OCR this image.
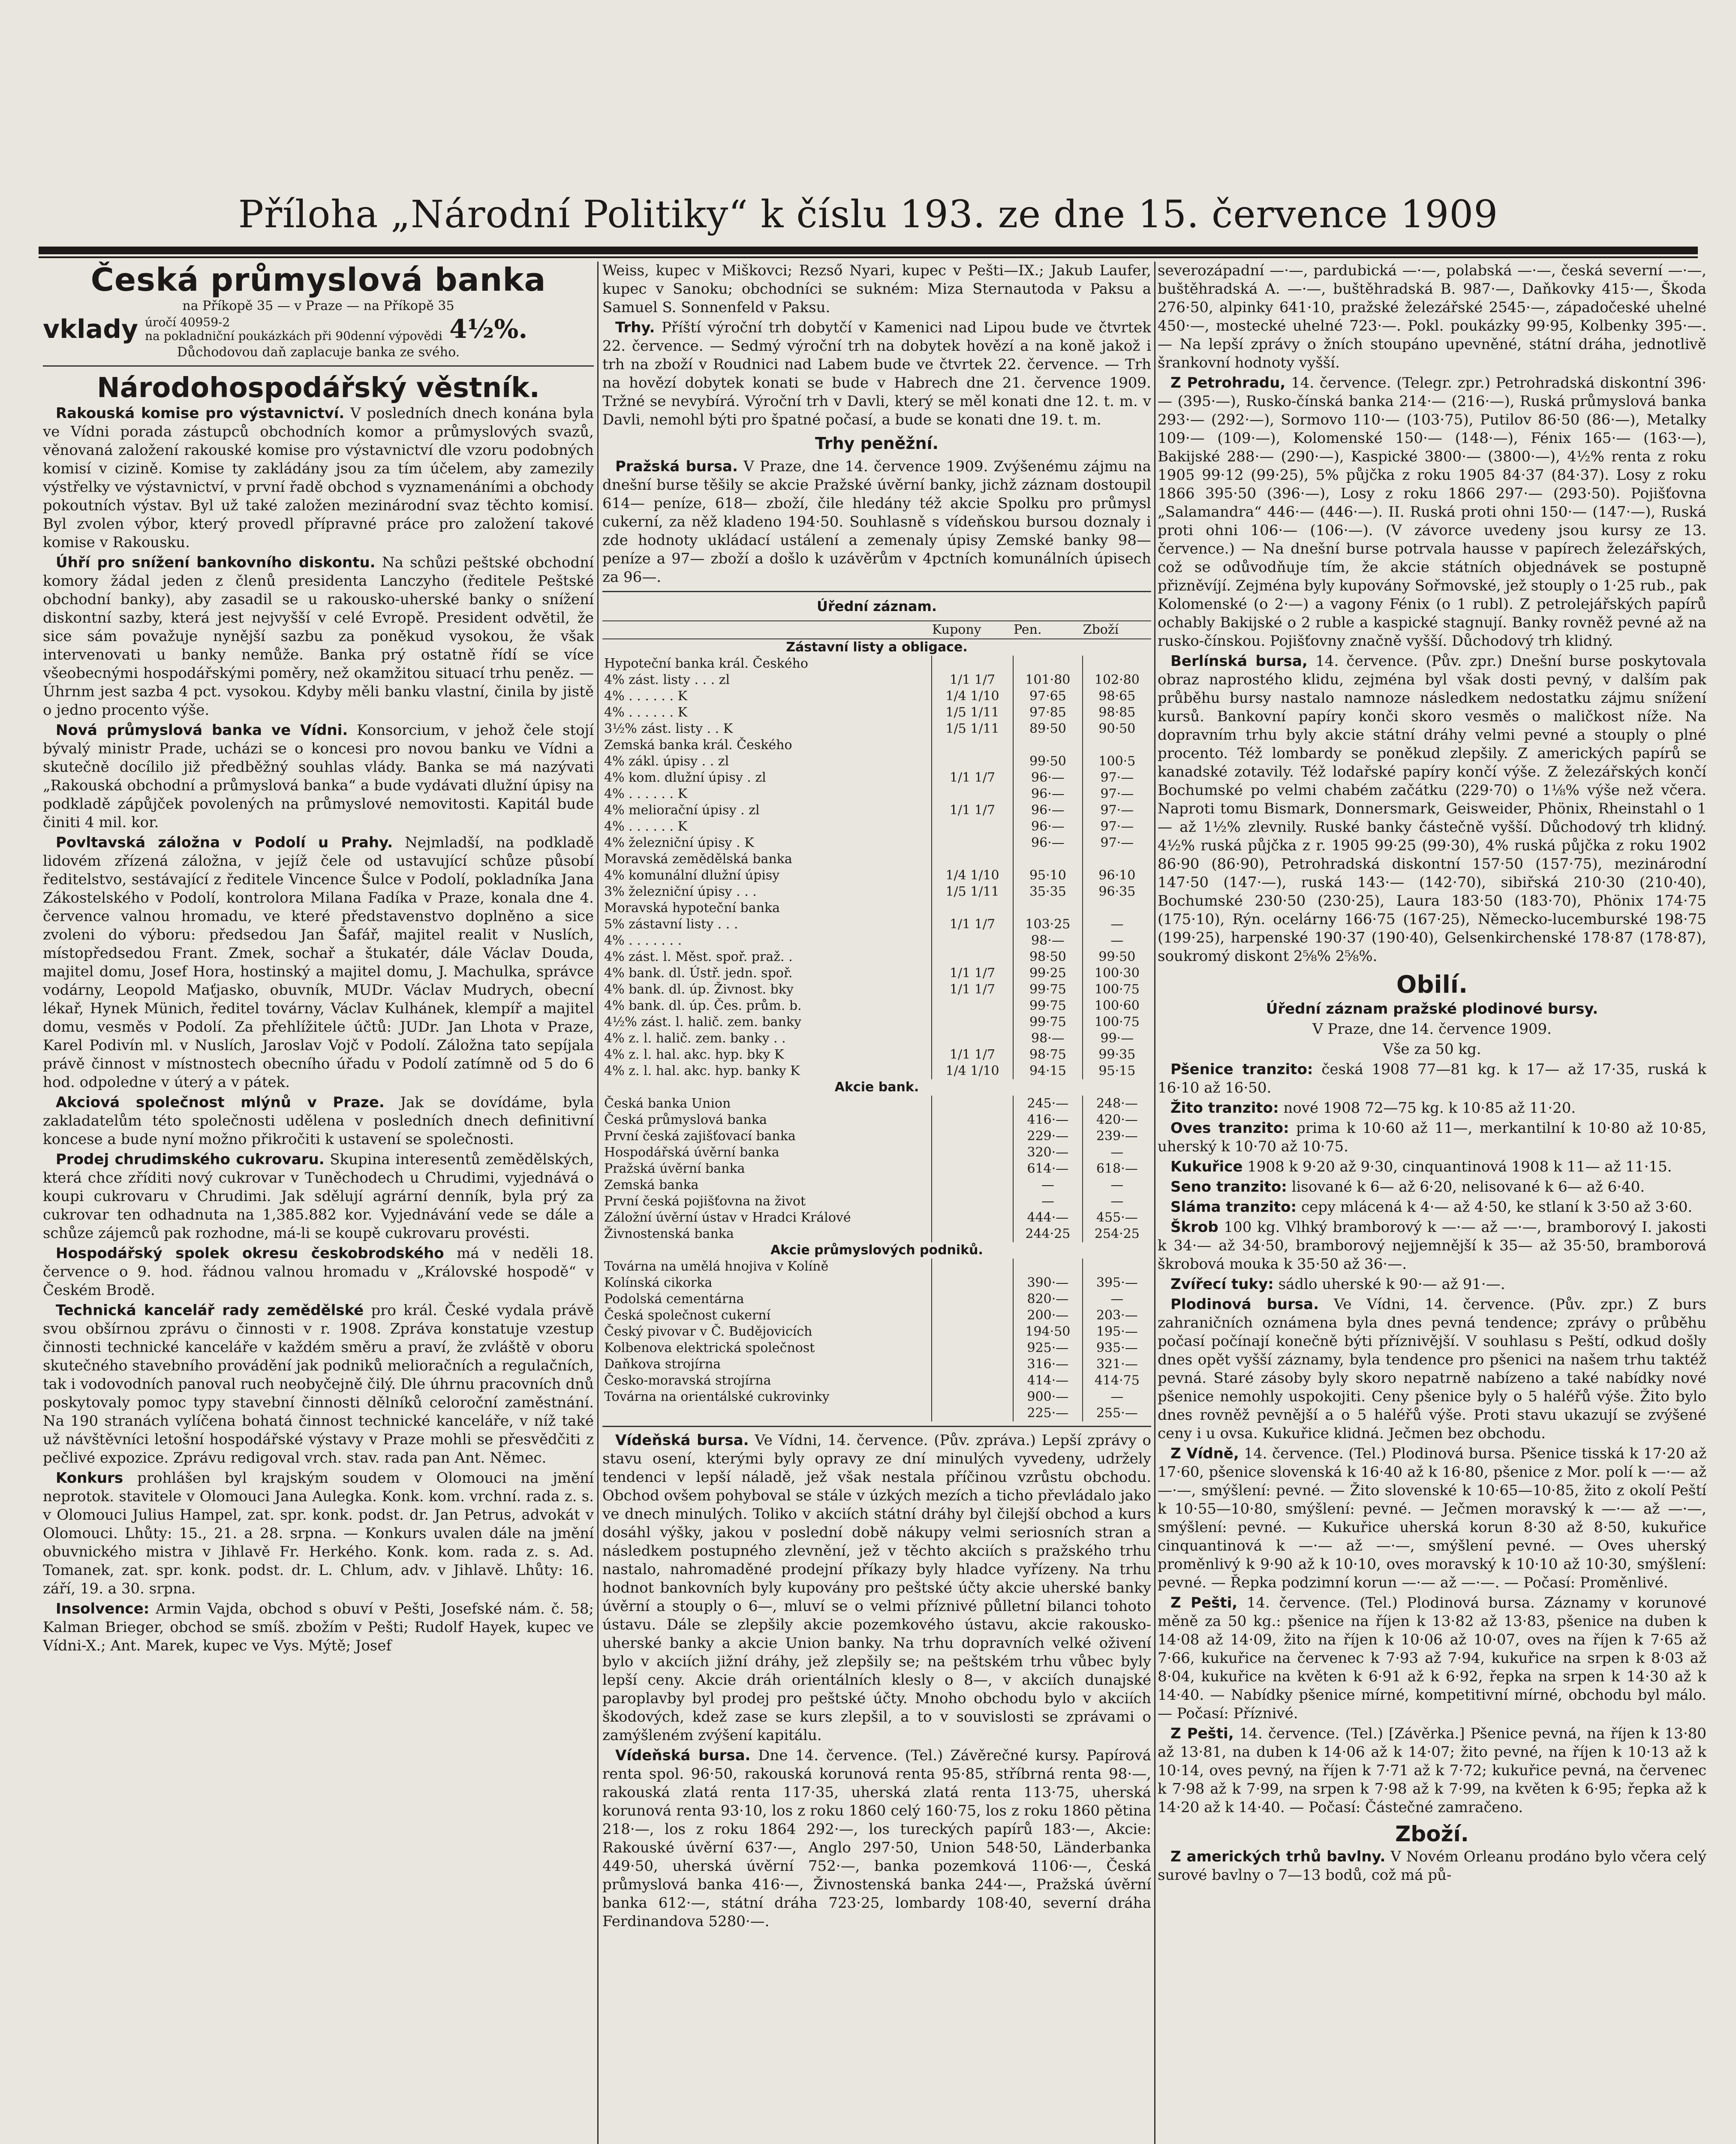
Příloha „Národní Politiky“ k číslu 193. ze dne 15. července 1909
Česká průmyslová banka

na Příkopě 35 — v Praze — na Příkopě 35

vklady úročí 40959-2
na pokladniční poukázkách při 90denní výpovědi 4½%.

Důchodovou daň zaplacuje banka ze svého.

Národohospodářský věstník.

Rakouská komise pro výstavnictví. V posledních dnech konána byla ve Vídni porada zástupců obchodních komor a průmyslových svazů, věnovaná založení rakouské komise pro výstavnictví dle vzoru podobných komisí v cizině. Komise ty zakládány jsou za tím účelem, aby zamezily výstřelky ve výstavnictví, v první řadě obchod s vyznamenáními a obchody pokoutních výstav. Byl už také založen mezinárodní svaz těchto komisí. Byl zvolen výbor, který provedl přípravné práce pro založení takové komise v Rakousku.

Úhří pro snížení bankovního diskontu. Na schůzi peštské obchodní komory žádal jeden z členů presidenta Lanczyho (ředitele Peštské obchodní banky), aby zasadil se u rakousko-uherské banky o snížení diskontní sazby, která jest nejvyšší v celé Evropě. President odvětil, že sice sám považuje nynější sazbu za poněkud vysokou, že však intervenovati u banky nemůže. Banka prý ostatně řídí se více všeobecnými hospodářskými poměry, než okamžitou situací trhu peněz. — Úhrnm jest sazba 4 pct. vysokou. Kdyby měli banku vlastní, činila by jistě o jedno procento výše.

Nová průmyslová banka ve Vídni. Konsorcium, v jehož čele stojí bývalý ministr Prade, ucházi se o koncesi pro novou banku ve Vídni a skutečně docílilo již předběžný souhlas vlády. Banka se má nazývati „Rakouská obchodní a průmyslová banka“ a bude vydávati dlužní úpisy na podkladě zápůjček povolených na průmyslové nemovitosti. Kapitál bude činiti 4 mil. kor.

Povltavská záložna v Podolí u Prahy. Nejmladší, na podkladě lidovém zřízená záložna, v jejíž čele od ustavující schůze působí ředitelstvo, sestávající z ředitele Vincence Šulce v Podolí, pokladníka Jana Zákostelského v Podolí, kontrolora Milana Fadíka v Praze, konala dne 4. července valnou hromadu, ve které představenstvo doplněno a sice zvoleni do výboru: předsedou Jan Šafář, majitel realit v Nuslích, místopředsedou Frant. Zmek, sochař a štukatér, dále Václav Douda, majitel domu, Josef Hora, hostinský a majitel domu, J. Machulka, správce vodárny, Leopold Maťjasko, obuvník, MUDr. Václav Mudrych, obecní lékař, Hynek Münich, ředitel továrny, Václav Kulhánek, klempíř a majitel domu, vesměs v Podolí. Za přehlížitele účtů: JUDr. Jan Lhota v Praze, Karel Podivín ml. v Nuslích, Jaroslav Vojč v Podolí. Záložna tato sepíjala právě činnost v místnostech obecního úřadu v Podolí zatímně od 5 do 6 hod. odpoledne v úterý a v pátek.

Akciová společnost mlýnů v Praze. Jak se dovídáme, byla zakladatelům této společnosti udělena v posledních dnech definitivní koncese a bude nyní možno přikročiti k ustavení se společnosti.

Prodej chrudimského cukrovaru. Skupina interesentů zemědělských, která chce zříditi nový cukrovar v Tuněchodech u Chrudimi, vyjednává o koupi cukrovaru v Chrudimi. Jak sdělují agrární denník, byla prý za cukrovar ten odhadnuta na 1,385.882 kor. Vyjednávání vede se dále a schůze zájemců pak rozhodne, má-li se koupě cukrovaru provésti.

Hospodářský spolek okresu českobrodského má v neděli 18. července o 9. hod. řádnou valnou hromadu v „Královské hospodě“ v Českém Brodě.

Technická kancelář rady zemědělské pro král. České vydala právě svou obšírnou zprávu o činnosti v r. 1908. Zpráva konstatuje vzestup činnosti technické kanceláře v každém směru a praví, že zvláště v oboru skutečného stavebního provádění jak podniků melioračních a regulačních, tak i vodovodních panoval ruch neobyčejně čilý. Dle úhrnu pracovních dnů poskytovaly pomoc typy stavební činnosti dělníků celoroční zaměstnání. Na 190 stranách vylíčena bohatá činnost technické kanceláře, v níž také už návštěvníci letošní hospodářské výstavy v Praze mohli se přesvědčiti z pečlivé expozice. Zprávu redigoval vrch. stav. rada pan Ant. Němec.

Konkurs prohlášen byl krajským soudem v Olomouci na jmění neprotok. stavitele v Olomouci Jana Aulegka. Konk. kom. vrchní. rada z. s. v Olomouci Julius Hampel, zat. spr. konk. podst. dr. Jan Petrus, advokát v Olomouci. Lhůty: 15., 21. a 28. srpna. — Konkurs uvalen dále na jmění obuvnického mistra v Jihlavě Fr. Herkého. Konk. kom. rada z. s. Ad. Tomanek, zat. spr. konk. podst. dr. L. Chlum, adv. v Jihlavě. Lhůty: 16. září, 19. a 30. srpna.

Insolvence: Armin Vajda, obchod s obuví v Pešti, Josefské nám. č. 58; Kalman Brieger, obchod se smíš. zbožím v Pešti; Rudolf Hayek, kupec ve Vídni-X.; Ant. Marek, kupec ve Vys. Mýtě; Josef

Weiss, kupec v Miškovci; Rezső Nyari, kupec v Pešti—IX.; Jakub Laufer, kupec v Sanoku; obchodníci se sukném: Miza Sternautoda v Paksu a Samuel S. Sonnenfeld v Paksu.

Trhy. Příští výroční trh dobytčí v Kamenici nad Lipou bude ve čtvrtek 22. července. — Sedmý výroční trh na dobytek hovězí a na koně jakož i trh na zboží v Roudnici nad Labem bude ve čtvrtek 22. července. — Trh na hovězí dobytek konati se bude v Habrech dne 21. července 1909. Tržné se nevybírá. Výroční trh v Davli, který se měl konati dne 12. t. m. v Davli, nemohl býti pro špatné počasí, a bude se konati dne 19. t. m.

Trhy peněžní.

Pražská bursa. V Praze, dne 14. července 1909. Zvýšenému zájmu na dnešní burse těšily se akcie Pražské úvěrní banky, jichž záznam dostoupil 614— peníze, 618— zboží, čile hledány též akcie Spolku pro průmysl cukerní, za něž kladeno 194·50. Souhlasně s vídeňskou bursou doznaly i zde hodnoty ukládací ustálení a zemenaly úpisy Zemské banky 98— peníze a 97— zboží a došlo k uzávěrům v 4pctních komunálních úpisech za 96—.

Úřední záznam.
	Kupony	Pen.	Zboží
Zástavní listy a obligace.			
Hypoteční banka král. Českého			
4% zást. listy . . . zl	1/1 1/7	101·80	102·80
4% . . . . . . K	1/4 1/10	97·65	98·65
4% . . . . . . K	1/5 1/11	97·85	98·85
3½% zást. listy . . K	1/5 1/11	89·50	90·50
Zemská banka král. Českého			
4% zákl. úpisy . . zl		99·50	100·5
4% kom. dlužní úpisy . zl	1/1 1/7	96·—	97·—
4% . . . . . . K		96·—	97·—
4% meliorační úpisy . zl	1/1 1/7	96·—	97·—
4% . . . . . . K		96·—	97·—
4% železniční úpisy . K		96·—	97·—
Moravská zemědělská banka			
4% komunální dlužní úpisy	1/4 1/10	95·10	96·10
3% železniční úpisy . . .	1/5 1/11	35·35	96·35
Moravská hypoteční banka			
5% zástavní listy . . .	1/1 1/7	103·25	—
4% . . . . . . .		98·—	—
4% zást. l. Měst. spoř. praž. .		98·50	99·50
4% bank. dl. Ústř. jedn. spoř.	1/1 1/7	99·25	100·30
4% bank. dl. úp. Živnost. bky	1/1 1/7	99·75	100·75
4% bank. dl. úp. Čes. prům. b.		99·75	100·60
4½% zást. l. halič. zem. banky		99·75	100·75
4% z. l. halič. zem. banky . .		98·—	99·—
4% z. l. hal. akc. hyp. bky K	1/1 1/7	98·75	99·35
4% z. l. hal. akc. hyp. banky K	1/4 1/10	94·15	95·15
Akcie bank.			
Česká banka Union		245·—	248·—
Česká průmyslová banka		416·—	420·—
První česká zajišťovací banka		229·—	239·—
Hospodářská úvěrní banka		320·—	—
Pražská úvěrní banka		614·—	618·—
Zemská banka		—	—
První česká pojišťovna na život		—	—
Záložní úvěrní ústav v Hradci Králové		444·—	455·—
Živnostenská banka		244·25	254·25
Akcie průmyslových podniků.			
Továrna na umělá hnojiva v Kolíně			
Kolínská cikorka		390·—	395·—
Podolská cementárna		820·—	—
Česká společnost cukerní		200·—	203·—
Český pivovar v Č. Budějovicích		194·50	195·—
Kolbenova elektrická společnost		925·—	935·—
Daňkova strojírna		316·—	321·—
Česko-moravská strojírna		414·—	414·75
Továrna na orientálské cukrovinky		900·—	—
		225·—	255·—

Vídeňská bursa. Ve Vídni, 14. července. (Pův. zpráva.) Lepší zprávy o stavu osení, kterými byly opravy ze dní minulých vyvedeny, udržely tendenci v lepší náladě, jež však nestala příčinou vzrůstu obchodu. Obchod ovšem pohyboval se stále v úzkých mezích a ticho převládalo jako ve dnech minulých. Toliko v akciích státní dráhy byl čilejší obchod a kurs dosáhl výšky, jakou v poslední době nákupy velmi seriosních stran a následkem postupného zlevnění, jež v těchto akciích s pražského trhu nastalo, nahromaděné prodejní příkazy byly hladce vyřízeny. Na trhu hodnot bankovních byly kupovány pro peštské účty akcie uherské banky úvěrní a stouply o 6—, mluví se o velmi příznivé půlletní bilanci tohoto ústavu. Dále se zlepšily akcie pozemkového ústavu, akcie rakousko-uherské banky a akcie Union banky. Na trhu dopravních velké oživení bylo v akciích jižní dráhy, jež zlepšily se; na peštském trhu vůbec byly lepší ceny. Akcie dráh orientálních klesly o 8—, v akciích dunajské paroplavby byl prodej pro peštské účty. Mnoho obchodu bylo v akciích škodových, kdež zase se kurs zlepšil, a to v souvislosti se zprávami o zamýšleném zvýšení kapitálu.

Vídeňská bursa. Dne 14. července. (Tel.) Závěrečné kursy. Papírová renta spol. 96·50, rakouská korunová renta 95·85, stříbrná renta 98·—, rakouská zlatá renta 117·35, uherská zlatá renta 113·75, uherská korunová renta 93·10, los z roku 1860 celý 160·75, los z roku 1860 pětina 218·—, los z roku 1864 292·—, los tureckých papírů 183·—, Akcie: Rakouské úvěrní 637·—, Anglo 297·50, Union 548·50, Länderbanka 449·50, uherská úvěrní 752·—, banka pozemková 1106·—, Česká průmyslová banka 416·—, Živnostenská banka 244·—, Pražská úvěrní banka 612·—, státní dráha 723·25, lombardy 108·40, severní dráha Ferdinandova 5280·—.

severozápadní —·—, pardubická —·—, polabská —·—, česká severní —·—, buštěhradská A. —·—, buštěhradská B. 987·—, Daňkovky 415·—, Škoda 276·50, alpinky 641·10, pražské železářské 2545·—, západočeské uhelné 450·—, mostecké uhelné 723·—. Pokl. poukázky 99·95, Kolbenky 395·—. — Na lepší zprávy o žních stoupáno upevněné, státní dráha, jednotlivě šrankovní hodnoty vyšší.

Z Petrohradu, 14. července. (Telegr. zpr.) Petrohradská diskontní 396·— (395·—), Rusko-čínská banka 214·— (216·—), Ruská průmyslová banka 293·— (292·—), Sormovo 110·— (103·75), Putilov 86·50 (86·—), Metalky 109·— (109·—), Kolomenské 150·— (148·—), Fénix 165·— (163·—), Bakijské 288·— (290·—), Kaspické 3800·— (3800·—), 4½% renta z roku 1905 99·12 (99·25), 5% půjčka z roku 1905 84·37 (84·37). Losy z roku 1866 395·50 (396·—), Losy z roku 1866 297·— (293·50). Pojišťovna „Salamandra“ 446·— (446·—). II. Ruská proti ohni 150·— (147·—), Ruská proti ohni 106·— (106·—). (V závorce uvedeny jsou kursy ze 13. července.) — Na dnešní burse potrvala hausse v papírech železářských, což se odůvodňuje tím, že akcie státních objednávek se postupně přizněvíjí. Zejména byly kupovány Sořmovské, jež stouply o 1·25 rub., pak Kolomenské (o 2·—) a vagony Fénix (o 1 rubl). Z petrolejářských papírů ochably Bakijské o 2 ruble a kaspické stagnují. Banky rovněž pevné až na rusko-čínskou. Pojišťovny značně vyšší. Důchodový trh klidný.

Berlínská bursa, 14. července. (Pův. zpr.) Dnešní burse poskytovala obraz naprostého klidu, zejména byl však dosti pevný, v dalším pak průběhu bursy nastalo namnoze následkem nedostatku zájmu snížení kursů. Bankovní papíry konči skoro vesměs o maličkost níže. Na dopravním trhu byly akcie státní dráhy velmi pevné a stouply o plné procento. Též lombardy se poněkud zlepšily. Z amerických papírů se kanadské zotavily. Též lodařské papíry končí výše. Z železářských končí Bochumské po velmi chabém začátku (229·70) o 1⅛% výše než včera. Naproti tomu Bismark, Donnersmark, Geisweider, Phönix, Rheinstahl o 1— až 1½% zlevnily. Ruské banky částečně vyšší. Důchodový trh klidný. 4½% ruská půjčka z r. 1905 99·25 (99·30), 4% ruská půjčka z roku 1902 86·90 (86·90), Petrohradská diskontní 157·50 (157·75), mezinárodní 147·50 (147·—), ruská 143·— (142·70), sibiřská 210·30 (210·40), Bochumské 230·50 (230·25), Laura 183·50 (183·70), Phönix 174·75 (175·10), Rýn. ocelárny 166·75 (167·25), Německo-lucemburské 198·75 (199·25), harpenské 190·37 (190·40), Gelsenkirchenské 178·87 (178·87), soukromý diskont 2⅝% 2⅝%.

Obilí.

Úřední záznam pražské plodinové bursy.

V Praze, dne 14. července 1909.

Vše za 50 kg.

Pšenice tranzito: česká 1908 77—81 kg. k 17— až 17·35, ruská k 16·10 až 16·50.

Žito tranzito: nové 1908 72—75 kg. k 10·85 až 11·20.

Oves tranzito: prima k 10·60 až 11—, merkantilní k 10·80 až 10·85, uherský k 10·70 až 10·75.

Kukuřice 1908 k 9·20 až 9·30, cinquantinová 1908 k 11— až 11·15.

Seno tranzito: lisované k 6— až 6·20, nelisované k 6— až 6·40.

Sláma tranzito: cepy mlácená k 4·— až 4·50, ke stlaní k 3·50 až 3·60.

Škrob 100 kg. Vlhký bramborový k —·— až —·—, bramborový I. jakosti k 34·— až 34·50, bramborový nejjemnější k 35— až 35·50, bramborová škrobová mouka k 35·50 až 36·—.

Zvířecí tuky: sádlo uherské k 90·— až 91·—.

Plodinová bursa. Ve Vídni, 14. července. (Pův. zpr.) Z burs zahraničních oznámena byla dnes pevná tendence; zprávy o průběhu počasí počínají konečně býti příznivější. V souhlasu s Peští, odkud došly dnes opět vyšší záznamy, byla tendence pro pšenici na našem trhu taktéž pevná. Staré zásoby byly skoro nepatrně nabízeno a také nabídky nové pšenice nemohly uspokojiti. Ceny pšenice byly o 5 haléřů výše. Žito bylo dnes rovněž pevnější a o 5 haléřů výše. Proti stavu ukazují se zvýšené ceny i u ovsa. Kukuřice klidná. Ječmen bez obchodu.

Z Vídně, 14. července. (Tel.) Plodinová bursa. Pšenice tisská k 17·20 až 17·60, pšenice slovenská k 16·40 až k 16·80, pšenice z Mor. polí k —·— až —·—, smýšlení: pevné. — Žito slovenské k 10·65—10·85, žito z okolí Peští k 10·55—10·80, smýšlení: pevné. — Ječmen moravský k —·— až —·—, smýšlení: pevné. — Kukuřice uherská korun 8·30 až 8·50, kukuřice cinquantinová k —·— až —·—, smýšlení pevné. — Oves uherský proměnlivý k 9·90 až k 10·10, oves moravský k 10·10 až 10·30, smýšlení: pevné. — Řepka podzimní korun —·— až —·—. — Počasí: Proměnlivé.

Z Pešti, 14. července. (Tel.) Plodinová bursa. Záznamy v korunové měně za 50 kg.: pšenice na říjen k 13·82 až 13·83, pšenice na duben k 14·08 až 14·09, žito na říjen k 10·06 až 10·07, oves na říjen k 7·65 až 7·66, kukuřice na červenec k 7·93 až 7·94, kukuřice na srpen k 8·03 až 8·04, kukuřice na květen k 6·91 až k 6·92, řepka na srpen k 14·30 až k 14·40. — Nabídky pšenice mírné, kompetitivní mírné, obchodu byl málo. — Počasí: Příznivé.

Z Pešti, 14. července. (Tel.) [Závěrka.] Pšenice pevná, na říjen k 13·80 až 13·81, na duben k 14·06 až k 14·07; žito pevné, na říjen k 10·13 až k 10·14, oves pevný, na říjen k 7·71 až k 7·72; kukuřice pevná, na červenec k 7·98 až k 7·99, na srpen k 7·98 až k 7·99, na květen k 6·95; řepka až k 14·20 až k 14·40. — Počasí: Částečné zamračeno.

Zboží.

Z amerických trhů bavlny. V Novém Orleanu prodáno bylo včera celý surové bavlny o 7—13 bodů, což má pů-
